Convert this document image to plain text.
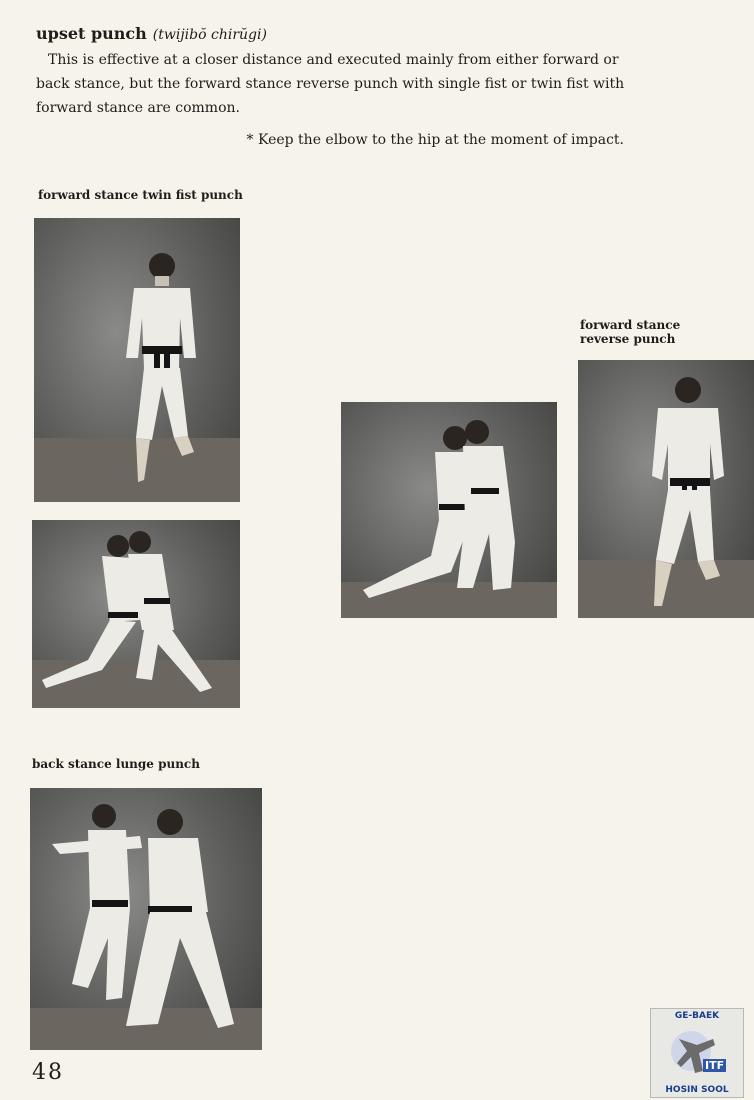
upset punch (twijibŏ chirŭgi)

This is effective at a closer distance and executed mainly from either forward or back stance, but the forward stance reverse punch with single fist or twin fist with forward stance are common.

* Keep the elbow to the hip at the moment of impact.
forward stance twin fist punch
forward stance
reverse punch
back stance lunge punch
48
GE-BAEK
ITF
HOSIN SOOL
